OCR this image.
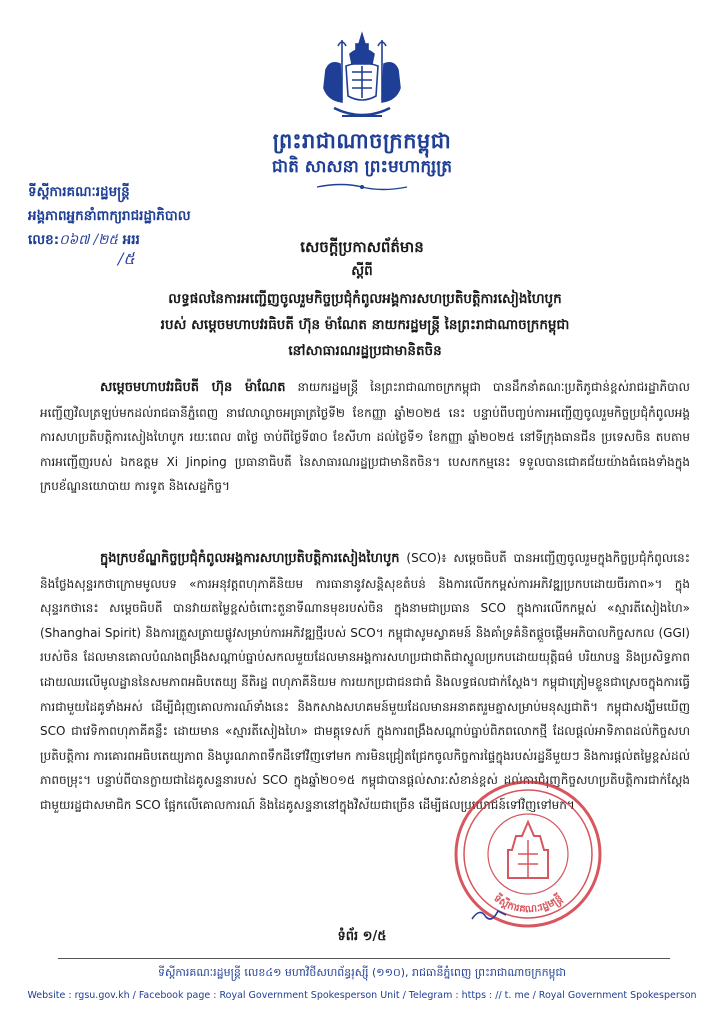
ព្រះរាជាណាចក្រកម្ពុជា
ជាតិ សាសនា ព្រះមហាក្សត្រ
ទីស្ដីការគណៈរដ្ឋមន្ត្រី
អង្គភាពអ្នកនាំពាក្យរាជរដ្ឋាភិបាល
លេខ:០៦៧ /២៥ អររ
/៥
សេចក្តីប្រកាសព័ត៌មាន
ស្តីពី
លទ្ធផលនៃការអញ្ជើញចូលរួមកិច្ចប្រជុំកំពូលអង្គការសហប្រតិបត្តិការសៀងហៃបូក
របស់ សម្តេចមហាបវរធិបតី ហ៊ុន ម៉ាណែត នាយករដ្ឋមន្ត្រី នៃព្រះរាជាណាចក្រកម្ពុជា
នៅសាធារណរដ្ឋប្រជាមានិតចិន
សម្តេចមហាបវរធិបតី ហ៊ុន ម៉ាណែត នាយករដ្ឋមន្ត្រី នៃព្រះរាជាណាចក្រកម្ពុជា បានដឹកនាំគណៈប្រតិភូជាន់ខ្ពស់រាជរដ្ឋាភិបាល អញ្ជើញវិលត្រឡប់មកដល់រាជធានីភ្នំពេញ នាវេលាល្ងាចអធ្រាត្រថ្ងៃទី២ ខែកញ្ញា ឆ្នាំ២០២៥ នេះ បន្ទាប់ពីបញ្ចប់ការអញ្ជើញចូលរួមកិច្ចប្រជុំកំពូលអង្គការសហប្រតិបត្តិការសៀងហៃបូក រយៈពេល ៣ថ្ងៃ ចាប់ពីថ្ងៃទី៣០ ខែសីហា ដល់ថ្ងៃទី១ ខែកញ្ញា ឆ្នាំ២០២៥ នៅទីក្រុងធានជីន ប្រទេសចិន តបតាមការអញ្ជើញរបស់ ឯកឧត្តម Xi Jinping ប្រធានាធិបតី នៃសាធារណរដ្ឋប្រជាមានិតចិន។ បេសកកម្មនេះ ទទួលបានជោគជ័យយ៉ាងធំធេងទាំងក្នុងក្របខ័ណ្ឌនយោបាយ ការទូត និងសេដ្ឋកិច្ច។
ក្នុងក្របខ័ណ្ឌកិច្ចប្រជុំកំពូលអង្គការសហប្រតិបត្តិការសៀងហៃបូក (SCO)៖ សម្តេចធិបតី បានអញ្ជើញចូលរួមក្នុងកិច្ចប្រជុំកំពូលនេះ និងថ្លែងសុន្ទរកថាក្រោមមូលបទ «ការអនុវត្តពហុភាគីនិយម ការធានានូវសន្តិសុខតំបន់ និងការលើកកម្ពស់ការអភិវឌ្ឍប្រកបដោយចីរភាព»។ ក្នុងសុន្ទរកថានេះ សម្តេចធិបតី បានវាយតម្លៃខ្ពស់ចំពោះតួនាទីណានមុខរបស់ចិន ក្នុងនាមជាប្រធាន SCO ក្នុងការលើកកម្ពស់ «ស្មារតីសៀងហៃ» (Shanghai Spirit) និងការត្រួសត្រាយផ្លូវសម្រាប់ការអភិវឌ្ឍថ្មីរបស់ SCO។ កម្ពុជាសូមស្វាគមន៍ និងគាំទ្រគំនិតផ្តួចផ្តើមអភិបាលកិច្ចសកល (GGI) របស់ចិន ដែលមានគោលបំណងពង្រឹងសណ្តាប់ធ្នាប់សកលមួយដែលមានអង្គការសហប្រជាជាតិជាស្នូលប្រកបដោយយុត្តិធម៌ បរិយាបន្ន និងប្រសិទ្ធភាព ដោយឈរលើមូលដ្ឋាននៃសមភាពអធិបតេយ្យ នីតិរដ្ឋ ពហុភាគីនិយម ការយកប្រជាជនជាធំ និងលទ្ធផលជាក់ស្តែង។ កម្ពុជាត្រៀមខ្លួនជាស្រេចក្នុងការធ្វើការជាមួយដៃគូទាំងអស់ ដើម្បីជំរុញគោលការណ៍ទាំងនេះ និងកសាងសហគមន៍មួយដែលមានអនាគតរួមគ្នាសម្រាប់មនុស្សជាតិ។ កម្ពុជាសង្ឃឹមឃើញ SCO ជាវេទិកាពហុភាគីគន្លឹះ ដោយមាន «ស្មារតីសៀងហៃ» ជាមគ្គុទេសក៍ ក្នុងការពង្រឹងសណ្តាប់ធ្នាប់ពិភពលោកថ្មី ដែលផ្តល់អាទិភាពដល់កិច្ចសហប្រតិបត្តិការ ការគោរពអធិបតេយ្យភាព និងបូរណភាពទឹកដីទៅវិញទៅមក ការមិនជ្រៀតជ្រែកចូលកិច្ចការផ្ទៃក្នុងរបស់រដ្ឋនីមួយៗ និងការផ្តល់តម្លៃខ្ពស់ដល់ភាពចម្រុះ។ បន្ទាប់ពីបានក្លាយជាដៃគូសន្ទនារបស់ SCO ក្នុងឆ្នាំ២០១៥ កម្ពុជាបានផ្តល់សារៈសំខាន់ខ្ពស់ ដល់ការជំរុញកិច្ចសហប្រតិបត្តិការជាក់ស្តែងជាមួយរដ្ឋជាសមាជិក SCO ផ្អែកលើគោលការណ៍ និងដៃគូសន្ទនានៅក្នុងវិស័យជាច្រើន ដើម្បីផលប្រយោជន៍ទៅវិញទៅមក។
ទីស្តីការគណៈរដ្ឋមន្ត្រី
ទំព័រ ១/៥
ទីស្តីការគណៈរដ្ឋមន្ត្រី លេខ៤១ មហាវិថីសហព័ន្ធរុស្ស៊ី (១១០), រាជធានីភ្នំពេញ ព្រះរាជាណាចក្រកម្ពុជា
Website : rgsu.gov.kh / Facebook page : Royal Government Spokesperson Unit / Telegram : https : // t. me / Royal Government Spokesperson
